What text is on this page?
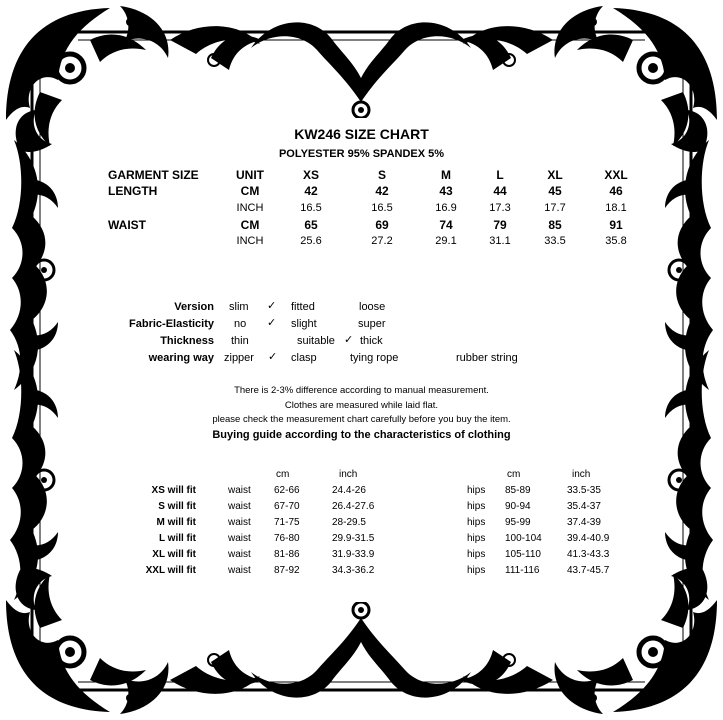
KW246 SIZE CHART
POLYESTER 95% SPANDEX 5%
GARMENT SIZE	UNIT	XS	S	M	L	XL	XXL
LENGTH	CM	42	42	43	44	45	46
INCH	16.5	16.5	16.9	17.3	17.7	18.1
WAIST	CM	65	69	74	79	85	91
INCH	25.6	27.2	29.1	31.1	33.5	35.8
Version slim ✓ fitted	loose
Fabric-Elasticity no ✓ slight	super
Thickness thin	suitable ✓ thick
wearing way zipper ✓ clasp	tying rope	rubber string
There is 2-3% difference according to manual measurement.
Clothes are measured while laid flat.
please check the measurement chart carefully before you buy the item.
Buying guide according to the characteristics of clothing
cm	inch	cm	inch
XS will fit	waist 62-66	24.4-26	hips 85-89	33.5-35
S will fit	waist 67-70	26.4-27.6	hips 90-94	35.4-37
M will fit	waist 71-75	28-29.5	hips 95-99	37.4-39
L will fit	waist 76-80	29.9-31.5	hips 100-104	39.4-40.9
XL will fit	waist 81-86	31.9-33.9	hips 105-110	41.3-43.3
XXL will fit	waist 87-92	34.3-36.2	hips 111-116	43.7-45.7
